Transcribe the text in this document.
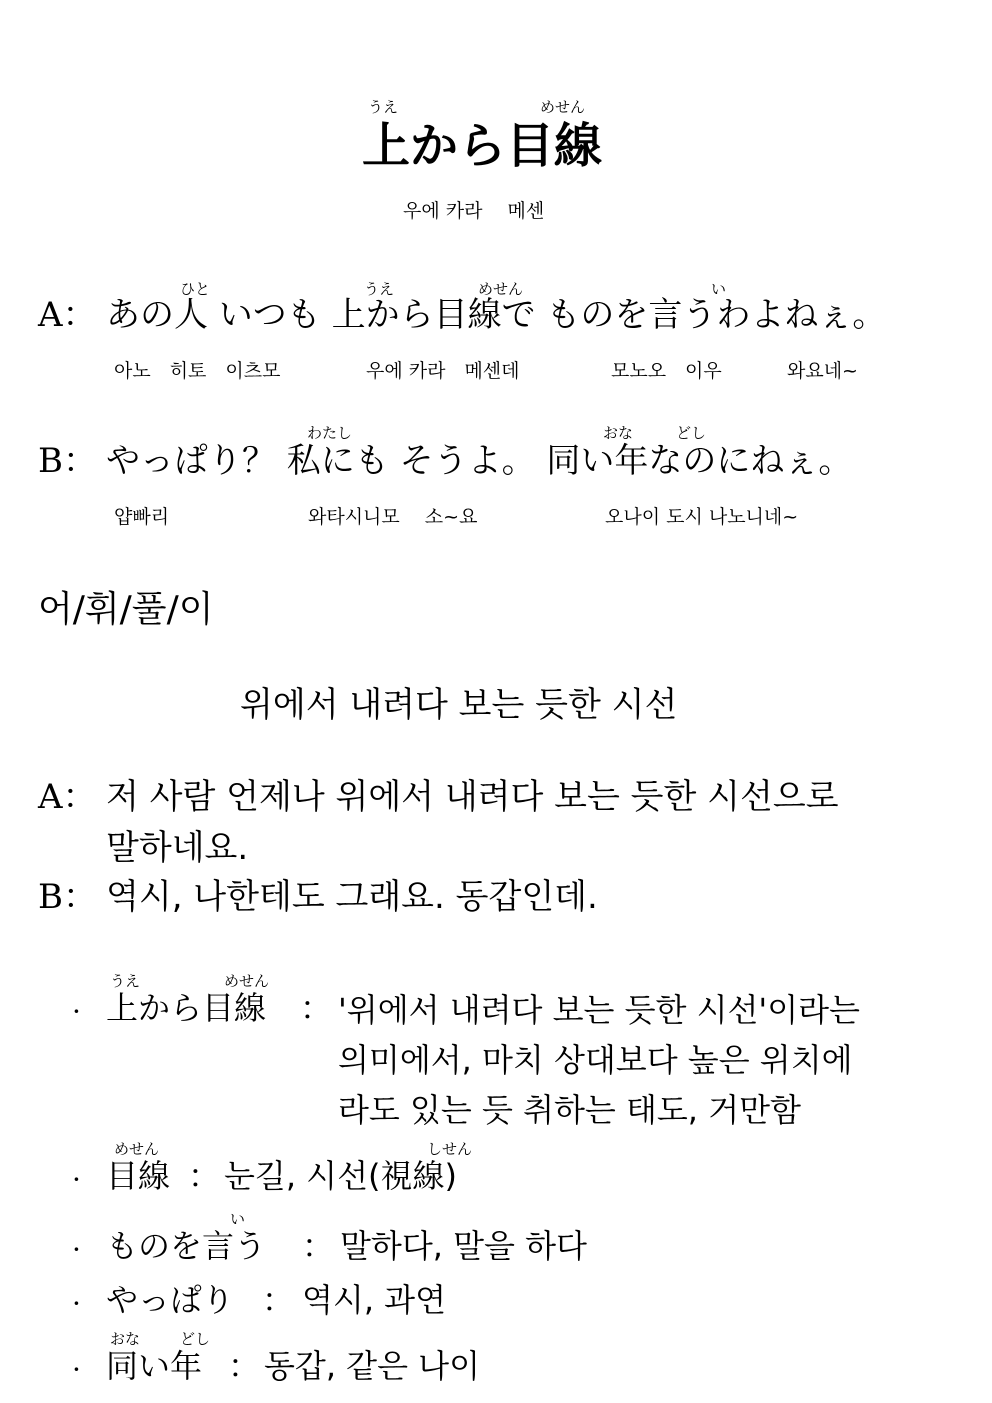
うえ	めせん
上から目線
우에 카라　 메센
ひと	うえ	めせん	い
A： あの人 いつも 上から目線で ものを言うわよねぇ。
아노　히토　이츠모	우에 카라　메센데	모노오　이우	와요네~
わたし	おな	どし
B： やっぱり？ 私にも そうよ。 同い年なのにねぇ。
얍빠리	와타시니모　 소~요	오나이 도시 나노니네~
어/휘/풀/이
위에서 내려다 보는 듯한 시선
A： 저 사람 언제나 위에서 내려다 보는 듯한 시선으로
말하네요.
B： 역시, 나한테도 그래요. 동갑인데.
·
うえ	めせん
上から目線 ： '위에서 내려다 보는 듯한 시선'이라는
의미에서, 마치 상대보다 높은 위치에
라도 있는 듯 취하는 태도, 거만함
·
めせん
目線 ：
しせん
눈길, 시선(視線)
·
い
ものを言う ： 말하다, 말을 하다
· やっぱり ： 역시, 과연
·
おな	どし
同い年 ： 동갑, 같은 나이
